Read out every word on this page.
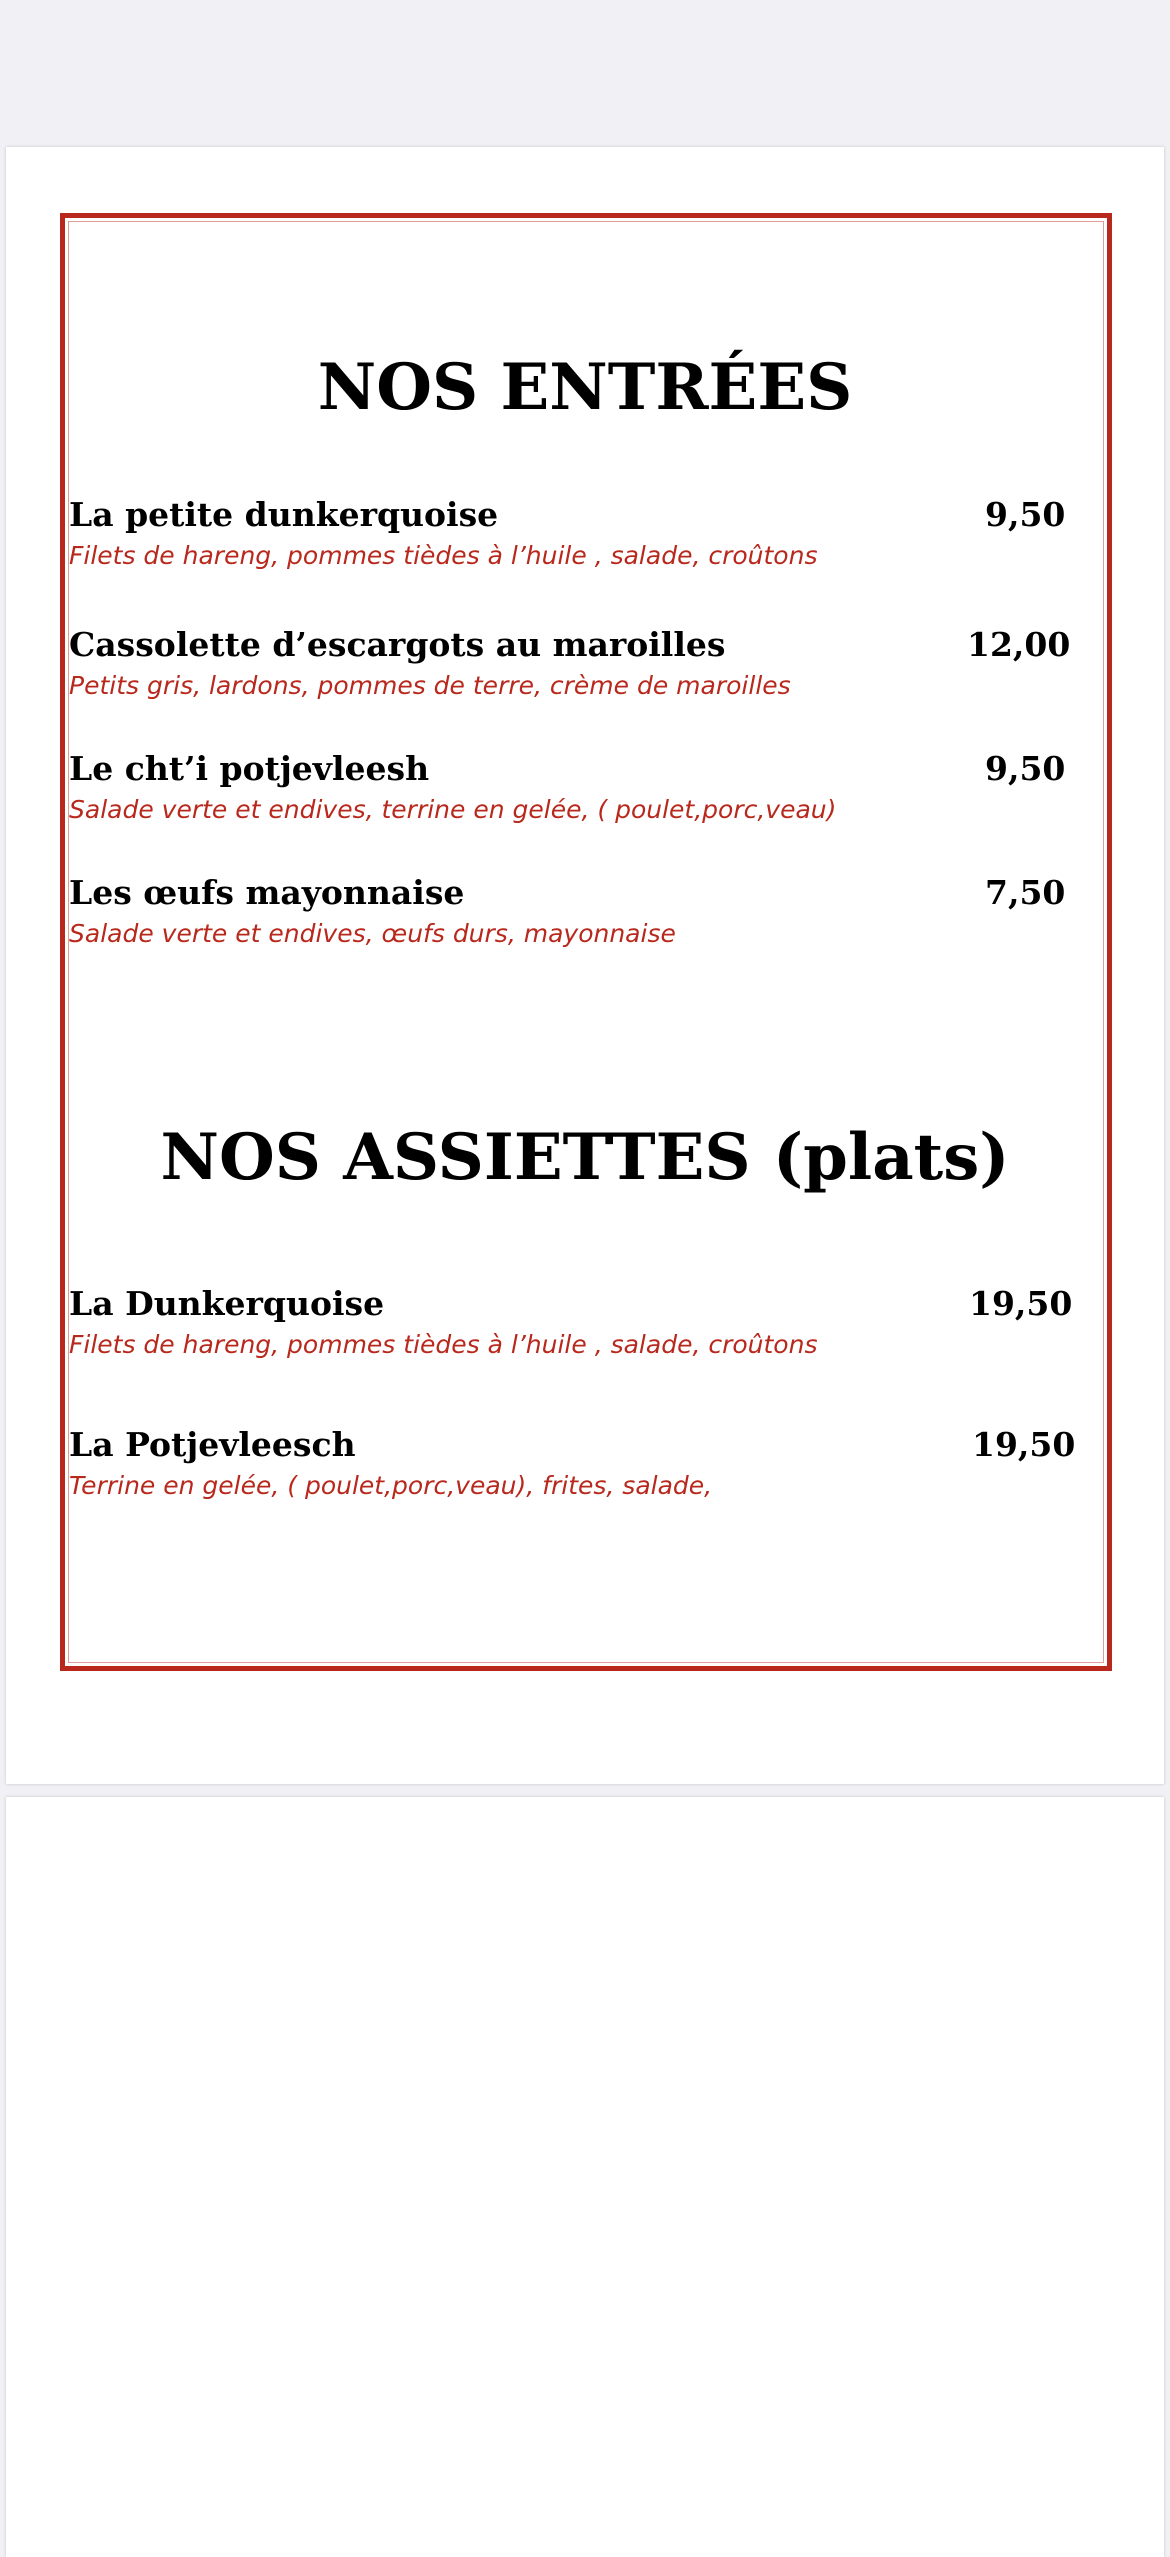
NOS ENTRÉES
La petite dunkerquoise	9,50
Filets de hareng, pommes tièdes à l’huile , salade, croûtons
Cassolette d’escargots au maroilles	12,00
Petits gris, lardons, pommes de terre, crème de maroilles
Le cht’i potjevleesh	9,50
Salade verte et endives, terrine en gelée, ( poulet,porc,veau)
Les œufs mayonnaise	7,50
Salade verte et endives, œufs durs, mayonnaise
NOS ASSIETTES (plats)
La Dunkerquoise	19,50
Filets de hareng, pommes tièdes à l’huile , salade, croûtons
La Potjevleesch	19,50
Terrine en gelée, ( poulet,porc,veau), frites, salade,
